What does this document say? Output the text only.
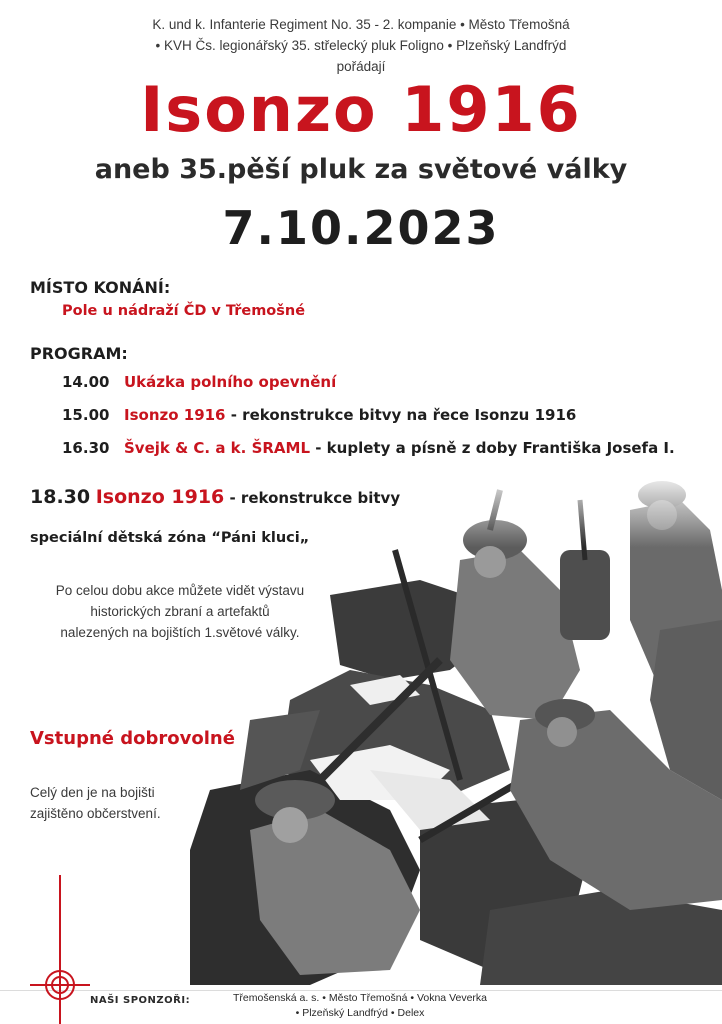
K. und k. Infanterie Regiment No. 35 - 2. kompanie • Město Třemošná
• KVH Čs. legionářský 35. střelecký pluk Foligno • Plzeňský Landfrýd
pořádají
Isonzo 1916
aneb 35.pěší pluk za světové války
7.10.2023
MÍSTO KONÁNÍ:
Pole u nádraží ČD v Třemošné
PROGRAM:
14.00 Ukázka polního opevnění
15.00 Isonzo 1916 - rekonstrukce bitvy na řece Isonzu 1916
16.30 Švejk & C. a k. ŠRAML - kuplety a písně z doby Františka Josefa I.
18.30 Isonzo 1916 - rekonstrukce bitvy
speciální dětská zóna “Páni kluci„
Po celou dobu akce můžete vidět výstavu
historických zbraní a artefaktů
nalezených na bojištích 1.světové války.
Vstupné dobrovolné
Celý den je na bojišti
zajištěno občerstvení.
NAŠI SPONZOŘI:	Třemošenská a. s. • Město Třemošná • Vokna Veverka
• Plzeňský Landfrýd • Delex
